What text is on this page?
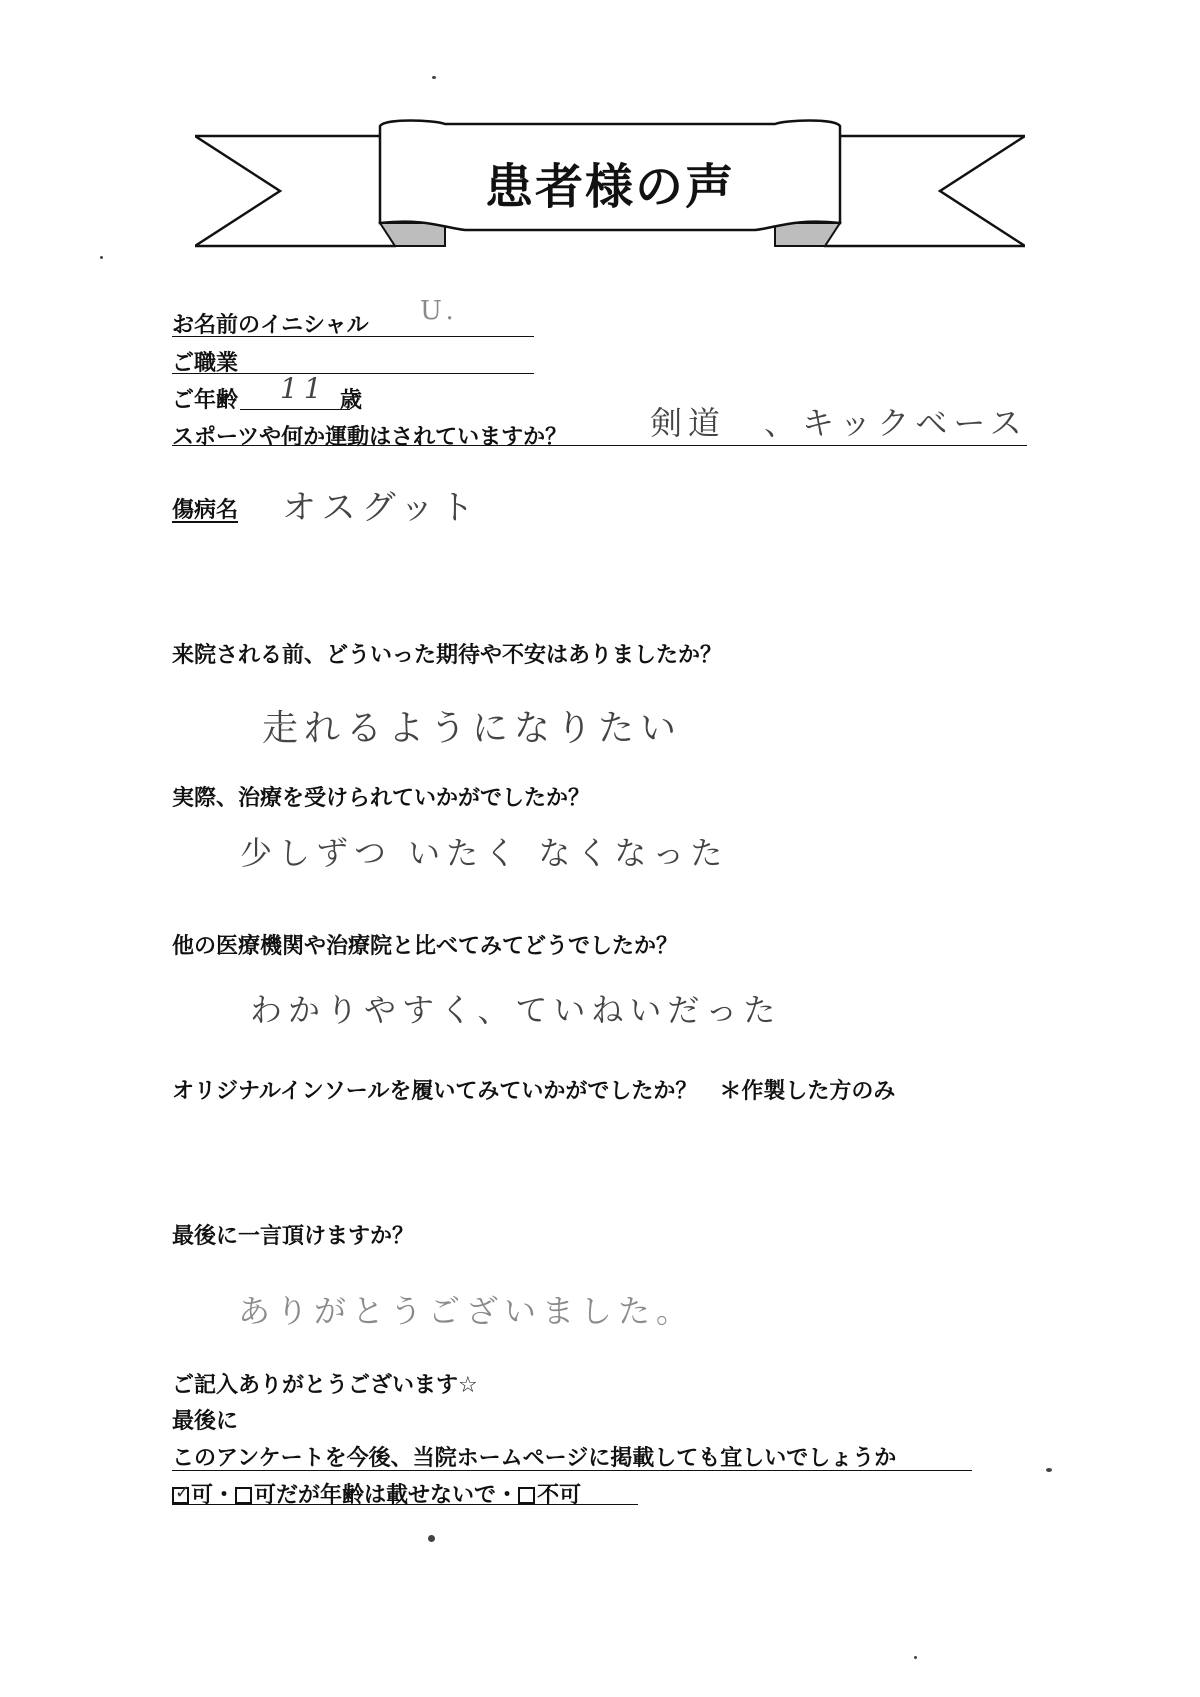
患者様の声
お名前のイニシャル U.
ご職業
ご年齢 11 歳
スポーツや何か運動はされていますか？	剣道　、キックベース
傷病名 オスグット
来院される前、どういった期待や不安はありましたか？
走れるようになりたい
実際、治療を受けられていかがでしたか？
少しずつ いたく なくなった
他の医療機関や治療院と比べてみてどうでしたか？
わかりやすく、ていねいだった
オリジナルインソールを履いてみていかがでしたか？　＊作製した方のみ
最後に一言頂けますか？
ありがとうございました。
ご記入ありがとうございます☆
最後に
このアンケートを今後、当院ホームページに掲載しても宜しいでしょうか
✓ 可・ 可だが年齢は載せないで・ 不可
